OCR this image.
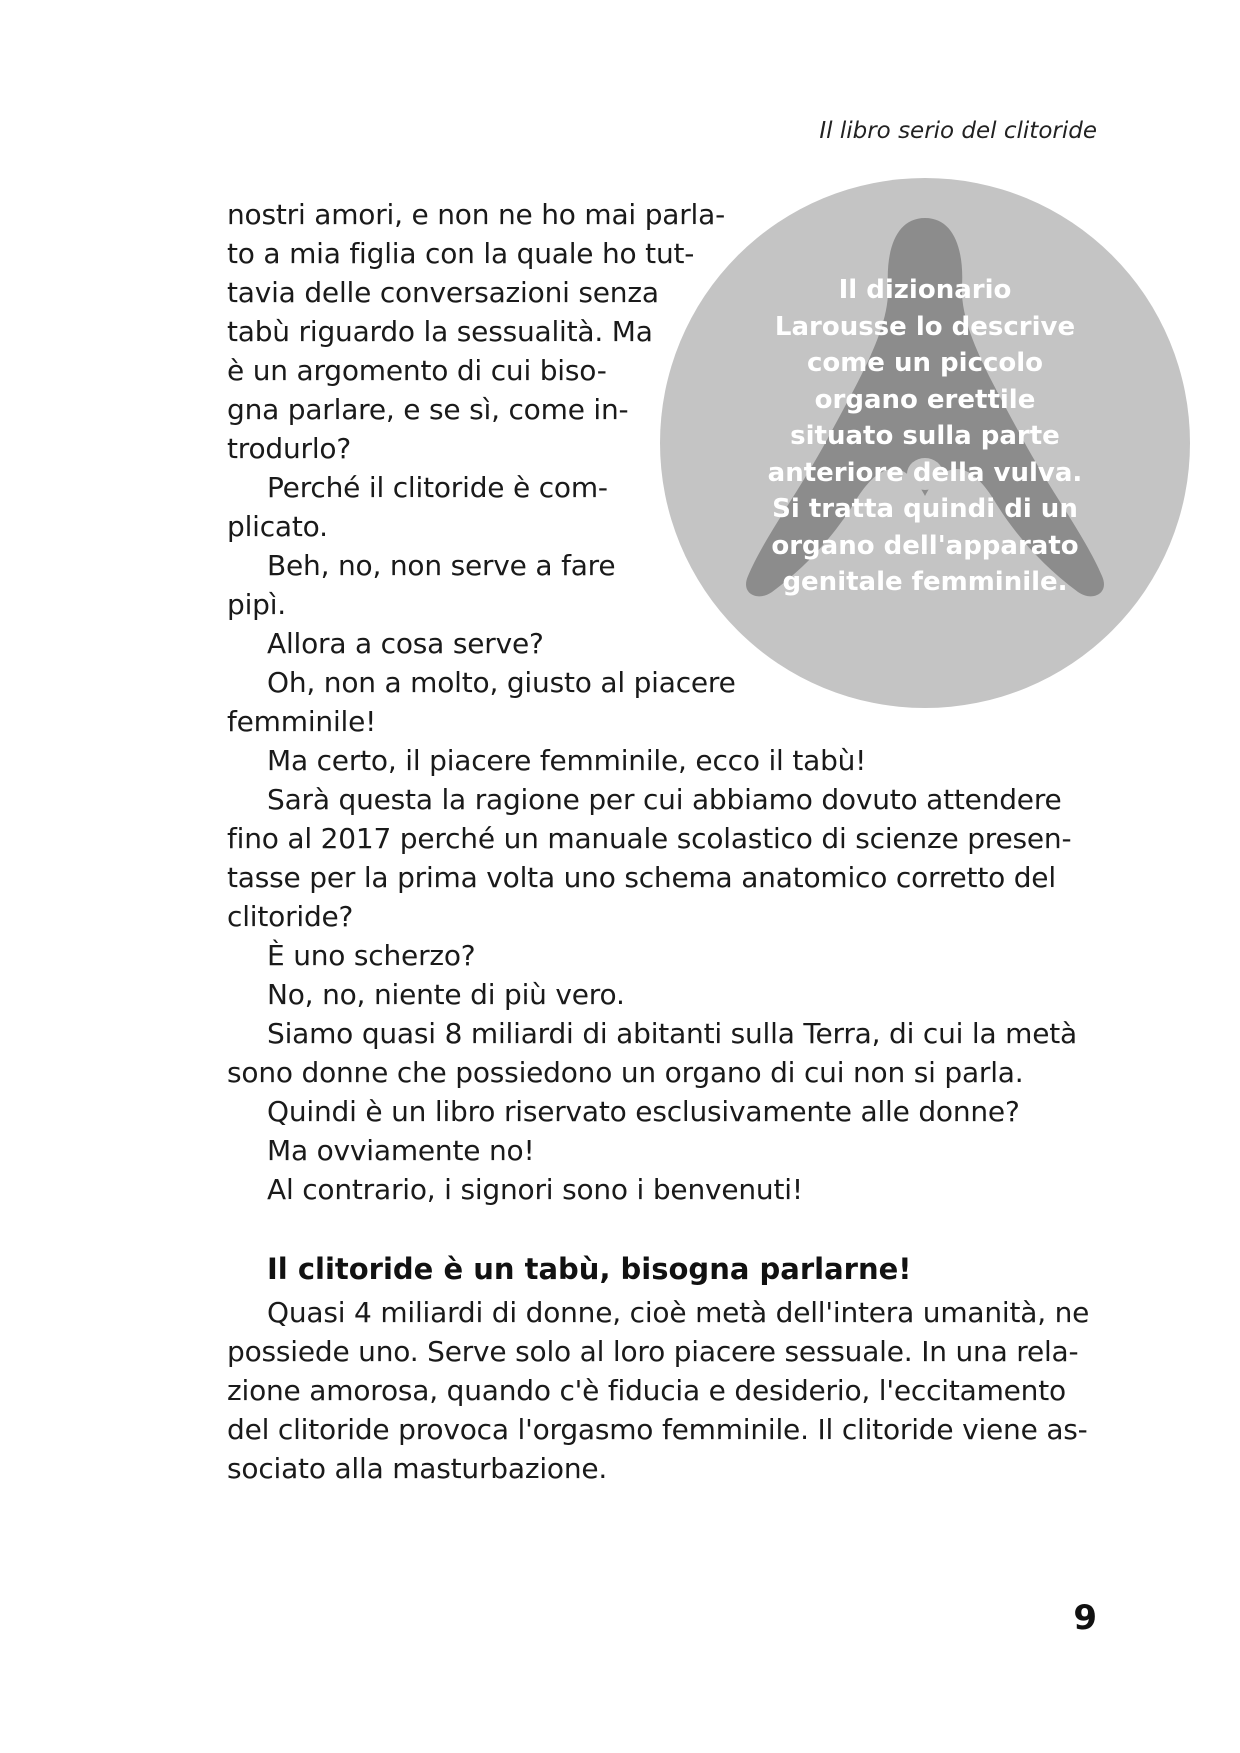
Il libro serio del clitoride
Il dizionario
Larousse lo descrive
come un piccolo
organo erettile
situato sulla parte
anteriore della vulva.
Si tratta quindi di un
organo dell'apparato
genitale femminile.
nostri amori, e non ne ho mai parla-
to a mia figlia con la quale ho tut-
tavia delle conversazioni senza
tabù riguardo la sessualità. Ma
è un argomento di cui biso-
gna parlare, e se sì, come in-
trodurlo?
Perché il clitoride è com-
plicato.
Beh, no, non serve a fare
pipì.
Allora a cosa serve?
Oh, non a molto, giusto al piacere
femminile!
Ma certo, il piacere femminile, ecco il tabù!
Sarà questa la ragione per cui abbiamo dovuto attendere
fino al 2017 perché un manuale scolastico di scienze presen-
tasse per la prima volta uno schema anatomico corretto del
clitoride?
È uno scherzo?
No, no, niente di più vero.
Siamo quasi 8 miliardi di abitanti sulla Terra, di cui la metà
sono donne che possiedono un organo di cui non si parla.
Quindi è un libro riservato esclusivamente alle donne?
Ma ovviamente no!
Al contrario, i signori sono i benvenuti!
Il clitoride è un tabù, bisogna parlarne!
Quasi 4 miliardi di donne, cioè metà dell'intera umanità, ne
possiede uno. Serve solo al loro piacere sessuale. In una rela-
zione amorosa, quando c'è fiducia e desiderio, l'eccitamento
del clitoride provoca l'orgasmo femminile. Il clitoride viene as-
sociato alla masturbazione.
9
